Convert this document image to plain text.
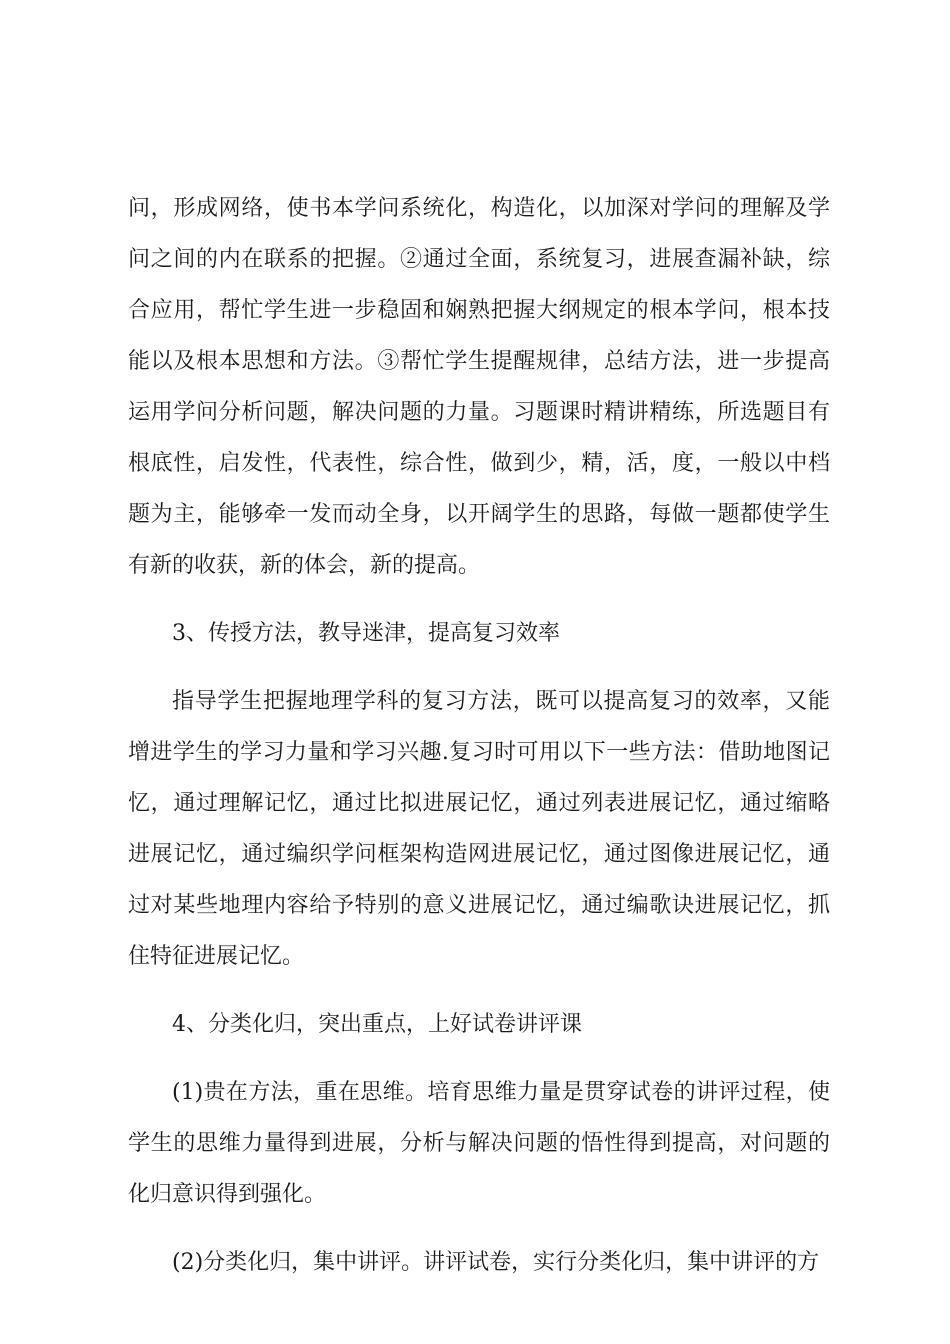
问，形成网络，使书本学问系统化，构造化，以加深对学问的理解及学问之间的内在联系的把握。②通过全面，系统复习，进展查漏补缺，综合应用，帮忙学生进一步稳固和娴熟把握大纲规定的根本学问，根本技能以及根本思想和方法。③帮忙学生提醒规律，总结方法，进一步提高运用学问分析问题，解决问题的力量。习题课时精讲精练，所选题目有根底性，启发性，代表性，综合性，做到少，精，活，度，一般以中档题为主，能够牵一发而动全身，以开阔学生的思路，每做一题都使学生有新的收获，新的体会，新的提高。

3、传授方法，教导迷津，提高复习效率

指导学生把握地理学科的复习方法，既可以提高复习的效率，又能增进学生的学习力量和学习兴趣.复习时可用以下一些方法：借助地图记忆，通过理解记忆，通过比拟进展记忆，通过列表进展记忆，通过缩略进展记忆，通过编织学问框架构造网进展记忆，通过图像进展记忆，通过对某些地理内容给予特别的意义进展记忆，通过编歌诀进展记忆，抓住特征进展记忆。

4、分类化归，突出重点，上好试卷讲评课

(1)贵在方法，重在思维。培育思维力量是贯穿试卷的讲评过程，使学生的思维力量得到进展，分析与解决问题的悟性得到提高，对问题的化归意识得到强化。

(2)分类化归，集中讲评。讲评试卷，实行分类化归，集中讲评的方
